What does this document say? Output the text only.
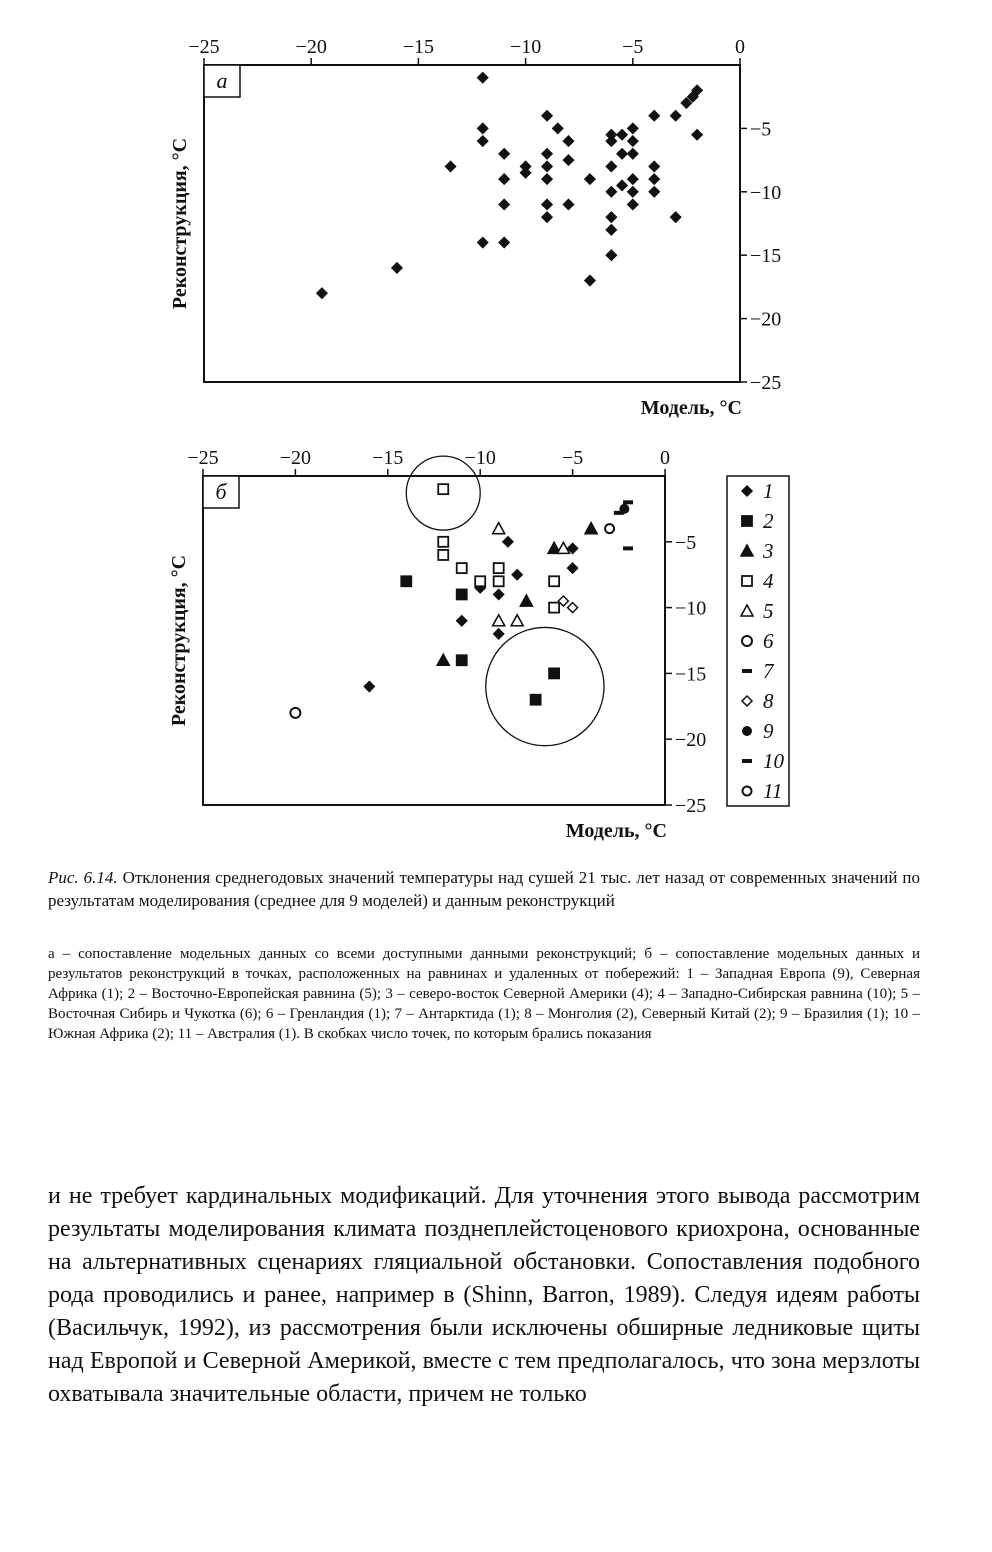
−25	−20	−15	−10	−5	0
−5
−10
−15
−20
−25
а
Модель, °C
Реконструкция, °C
−25	−20	−15	−10	−5	0
−5
−10
−15
−20
−25
б
Модель, °C
Реконструкция, °C
1
2
3
4
5
6
7
8
9
10
11
Рис. 6.14. Отклонения среднегодовых значений температуры над сушей 21 тыс. лет назад от современных значений по результатам моделирования (среднее для 9 моделей) и данным реконструкций
а – сопоставление модельных данных со всеми доступными данными реконструкций; б – сопоставление модельных данных и результатов реконструкций в точках, расположенных на равнинах и удаленных от побережий: 1 – Западная Европа (9), Северная Африка (1); 2 – Восточно-Европейская равнина (5); 3 – северо-восток Северной Америки (4); 4 – Западно-Сибирская равнина (10); 5 – Восточная Сибирь и Чукотка (6); 6 – Гренландия (1); 7 – Антарктида (1); 8 – Монголия (2), Северный Китай (2); 9 – Бразилия (1); 10 – Южная Африка (2); 11 – Австралия (1). В скобках число точек, по которым брались показания
и не требует кардинальных модификаций. Для уточнения этого вывода рассмотрим результаты моделирования климата позднеплейстоценового криохрона, основанные на альтернативных сценариях гляциальной обстановки. Сопоставления подобного рода проводились и ранее, например в (Shinn, Barron, 1989). Следуя идеям работы (Васильчук, 1992), из рассмотрения были исключены обширные ледниковые щиты над Европой и Северной Америкой, вместе с тем предполагалось, что зона мерзлоты охватывала значительные области, причем не только
